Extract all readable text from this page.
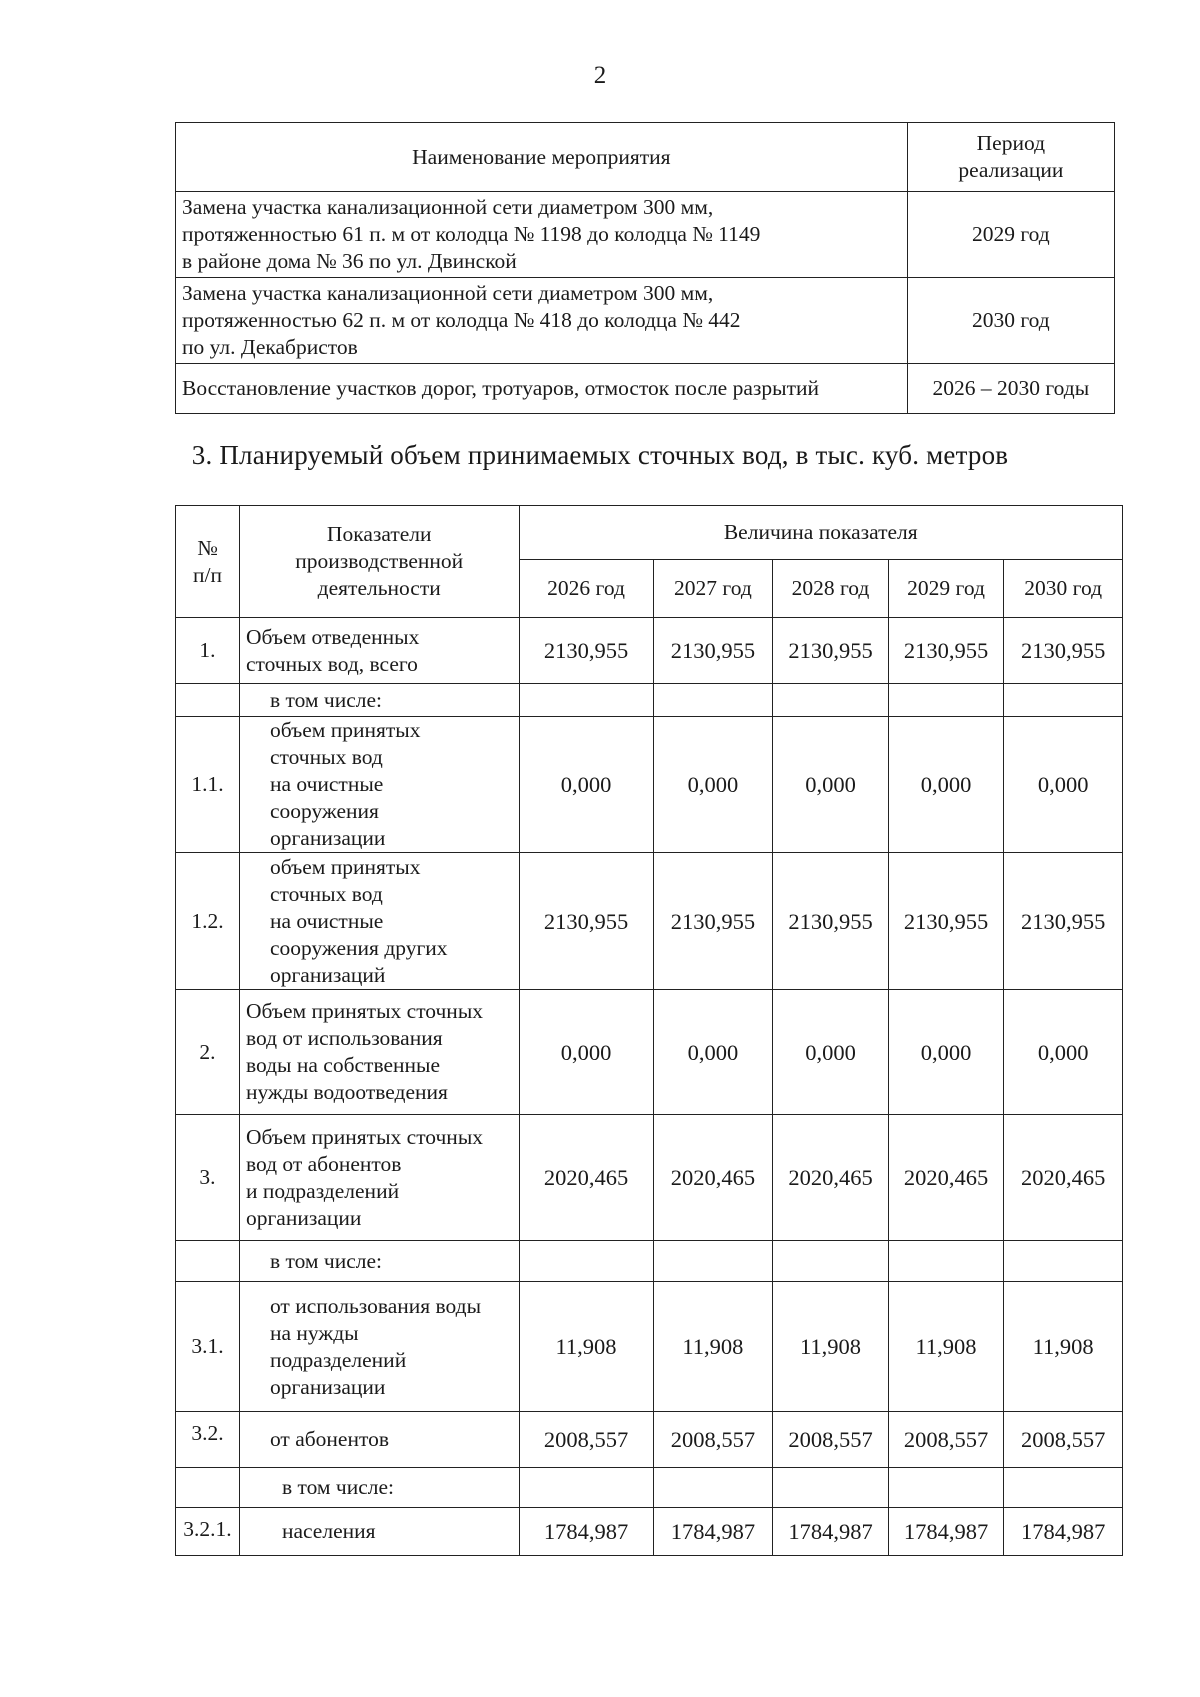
2
Наименование мероприятия	Период
реализации
Замена участка канализационной сети диаметром 300 мм,
протяженностью 61 п. м от колодца № 1198 до колодца № 1149
в районе дома № 36 по ул. Двинской	2029 год
Замена участка канализационной сети диаметром 300 мм,
протяженностью 62 п. м от колодца № 418 до колодца № 442
по ул. Декабристов	2030 год
Восстановление участков дорог, тротуаров, отмосток после разрытий	2026 – 2030 годы
3. Планируемый объем принимаемых сточных вод, в тыс. куб. метров
№
п/п	Показатели
производственной
деятельности	Величина показателя				
		2026 год	2027 год	2028 год	2029 год	2030 год
1.	Объем отведенных
сточных вод, всего	2130,955	2130,955	2130,955	2130,955	2130,955
	в том числе:					
1.1.	объем принятых
сточных вод
на очистные
сооружения
организации	0,000	0,000	0,000	0,000	0,000
1.2.	объем принятых
сточных вод
на очистные
сооружения других
организаций	2130,955	2130,955	2130,955	2130,955	2130,955
2.	Объем принятых сточных
вод от использования
воды на собственные
нужды водоотведения	0,000	0,000	0,000	0,000	0,000
3.	Объем принятых сточных
вод от абонентов
и подразделений
организации	2020,465	2020,465	2020,465	2020,465	2020,465
	в том числе:					
3.1.	от использования воды
на нужды
подразделений
организации	11,908	11,908	11,908	11,908	11,908
3.2.	от абонентов	2008,557	2008,557	2008,557	2008,557	2008,557
	в том числе:					
3.2.1.	населения	1784,987	1784,987	1784,987	1784,987	1784,987
